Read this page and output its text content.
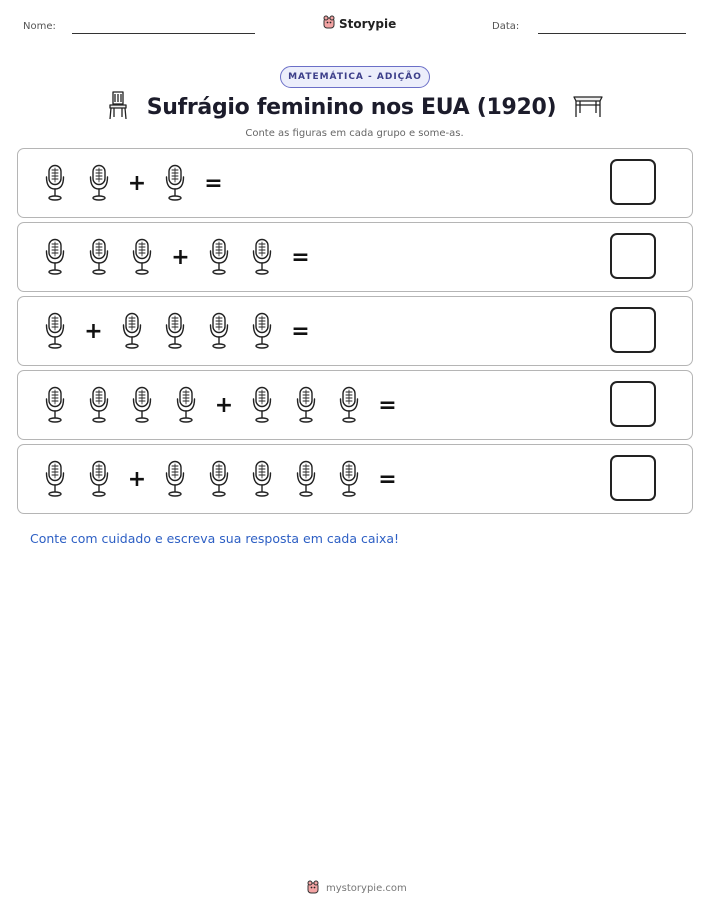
Nome:	Storypie	Data:
MATEMÁTICA - ADIÇÃO
Sufrágio feminino nos EUA (1920)
Conte as figuras em cada grupo e some-as.
+	=
+	=
+	=
+	=
+	=
Conte com cuidado e escreva sua resposta em cada caixa!
mystorypie.com
